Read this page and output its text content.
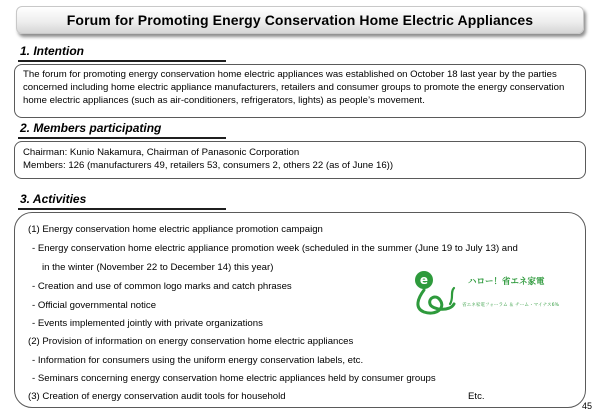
Forum for Promoting Energy Conservation Home Electric Appliances
1. Intention

The forum for promoting energy conservation home electric appliances was established on October 18 last year by the parties concerned including home electric appliance manufacturers, retailers and consumer groups to promote the energy conservation home electric appliances (such as air-conditioners, refrigerators, lights) as people’s movement.

2. Members participating

Chairman: Kunio Nakamura, Chairman of Panasonic Corporation

Members: 126 (manufacturers 49, retailers 53, consumers 2, others 22 (as of June 16))

3. Activities
(1) Energy conservation home electric appliance promotion campaign
- Energy conservation home electric appliance promotion week (scheduled in the summer (June 19 to July 13) and
in the winter (November 22 to December 14) this year)
- Creation and use of common logo marks and catch phrases
- Official governmental notice
- Events implemented jointly with private organizations
(2) Provision of information on energy conservation home electric appliances
- Information for consumers using the uniform energy conservation labels, etc.
- Seminars concerning energy conservation home electric appliances held by consumer groups
(3) Creation of energy conservation audit tools for household	Etc.
e	ハロー！省エネ家電
省エネ家電フォーラム ＆ チーム・マイナス6%
45
